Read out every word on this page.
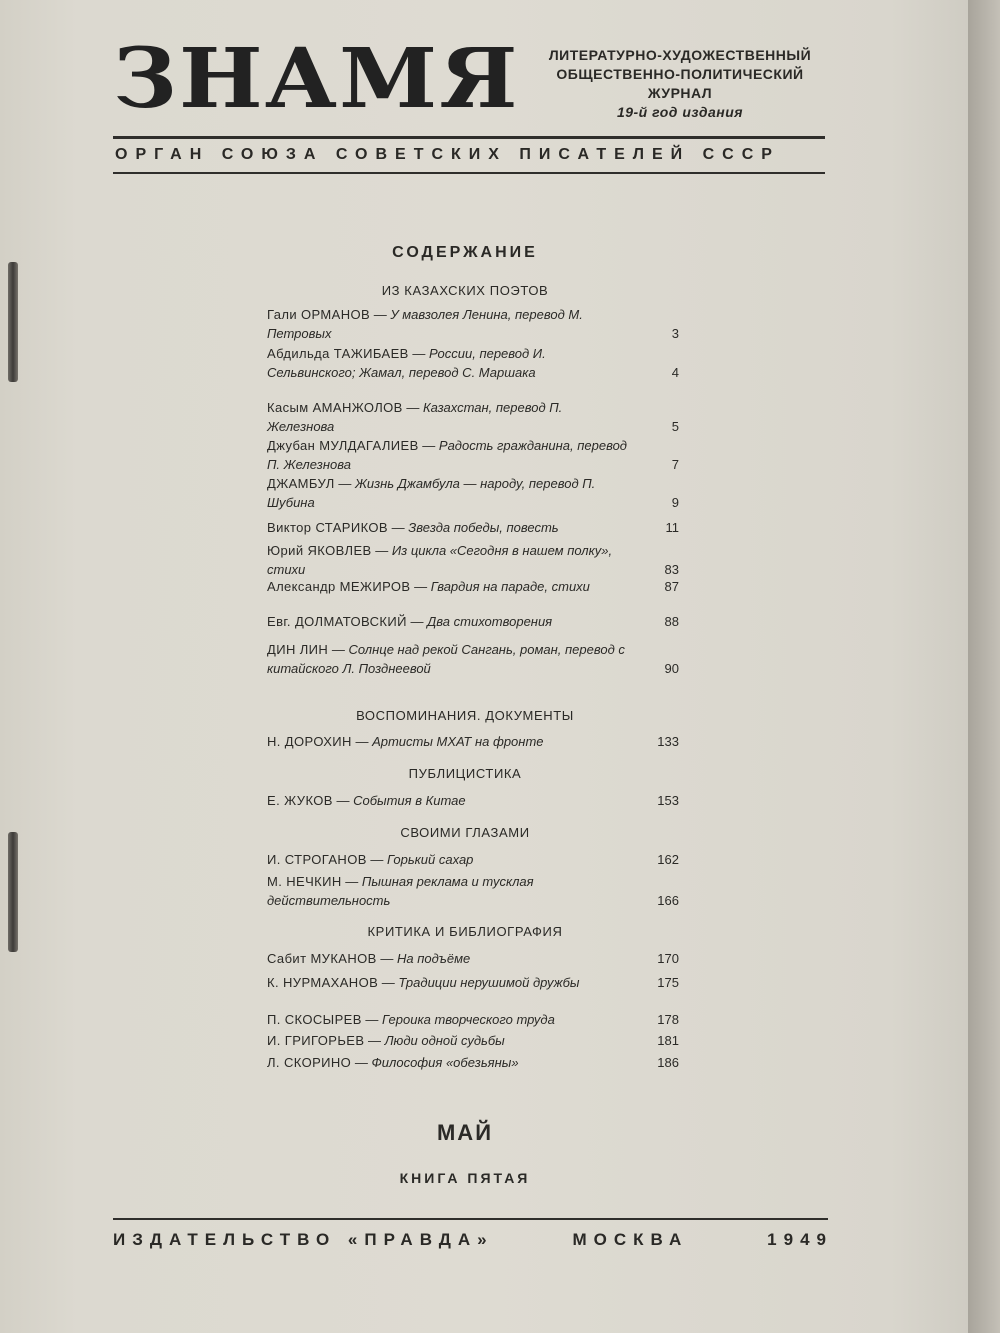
ЗНАМЯ	ЛИТЕРАТУРНО-ХУДОЖЕСТВЕННЫЙ
ОБЩЕСТВЕННО-ПОЛИТИЧЕСКИЙ
ЖУРНАЛ
19-й год издания
ОРГАН СОЮЗА СОВЕТСКИХ ПИСАТЕЛЕЙ СССР
СОДЕРЖАНИЕ
ИЗ КАЗАХСКИХ ПОЭТОВ
Гали ОРМАНОВ — У мавзолея Ленина, перевод М. Петровых	3
Абдильда ТАЖИБАЕВ — России, перевод И. Сельвинского; Жамал, перевод С. Маршака	4
Касым АМАНЖОЛОВ — Казахстан, перевод П. Железнова	5
Джубан МУЛДАГАЛИЕВ — Радость гражданина, перевод П. Железнова	7
ДЖАМБУЛ — Жизнь Джамбула — народу, перевод П. Шубина	9
Виктор СТАРИКОВ — Звезда победы, повесть	11
Юрий ЯКОВЛЕВ — Из цикла «Сегодня в нашем полку», стихи	83
Александр МЕЖИРОВ — Гвардия на параде, стихи	87
Евг. ДОЛМАТОВСКИЙ — Два стихотворения	88
ДИН ЛИН — Солнце над рекой Сангань, роман, перевод с китайского Л. Позднеевой	90
ВОСПОМИНАНИЯ. ДОКУМЕНТЫ
Н. ДОРОХИН — Артисты МХАТ на фронте	133
ПУБЛИЦИСТИКА
Е. ЖУКОВ — События в Китае	153
СВОИМИ ГЛАЗАМИ
И. СТРОГАНОВ — Горький сахар	162
М. НЕЧКИН — Пышная реклама и тусклая действительность	166
КРИТИКА И БИБЛИОГРАФИЯ
Сабит МУКАНОВ — На подъёме	170
К. НУРМАХАНОВ — Традиции нерушимой дружбы	175
П. СКОСЫРЕВ — Героика творческого труда	178
И. ГРИГОРЬЕВ — Люди одной судьбы	181
Л. СКОРИНО — Философия «обезьяны»	186
МАЙ
КНИГА ПЯТАЯ
ИЗДАТЕЛЬСТВО «ПРАВДА»	МОСКВА	1949
